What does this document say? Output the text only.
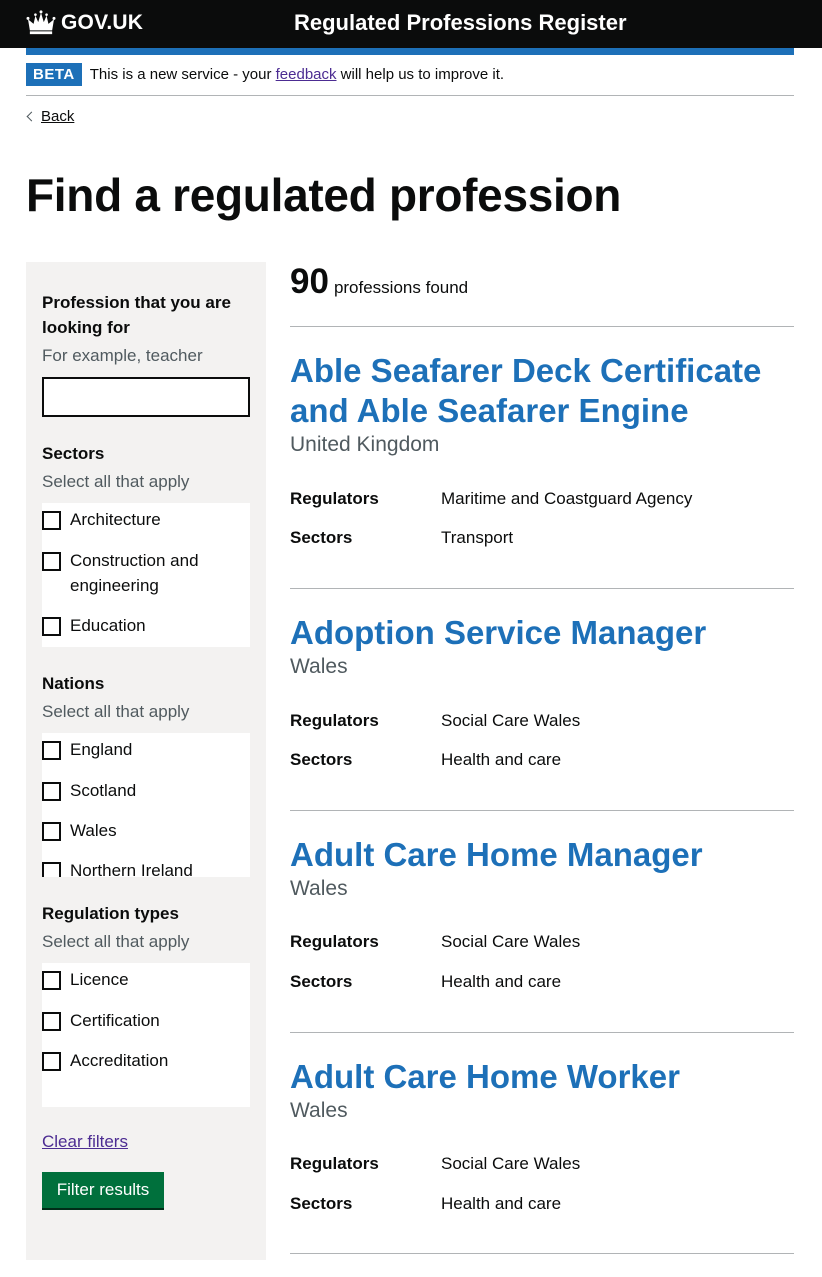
GOV.UK	Regulated Professions Register
BETA	This is a new service - your feedback will help us to improve it.
Back
Find a regulated profession
Profession that you are looking for
For example, teacher
Sectors
Select all that apply
Architecture
Construction and engineering
Education
Nations
Select all that apply
England
Scotland
Wales
Northern Ireland
Regulation types
Select all that apply
Licence
Certification
Accreditation
Clear filters
Filter results
90 professions found
Able Seafarer Deck Certificate and Able Seafarer Engine
United Kingdom
Regulators	Maritime and Coastguard Agency
Sectors	Transport
Adoption Service Manager
Wales
Regulators	Social Care Wales
Sectors	Health and care
Adult Care Home Manager
Wales
Regulators	Social Care Wales
Sectors	Health and care
Adult Care Home Worker
Wales
Regulators	Social Care Wales
Sectors	Health and care
